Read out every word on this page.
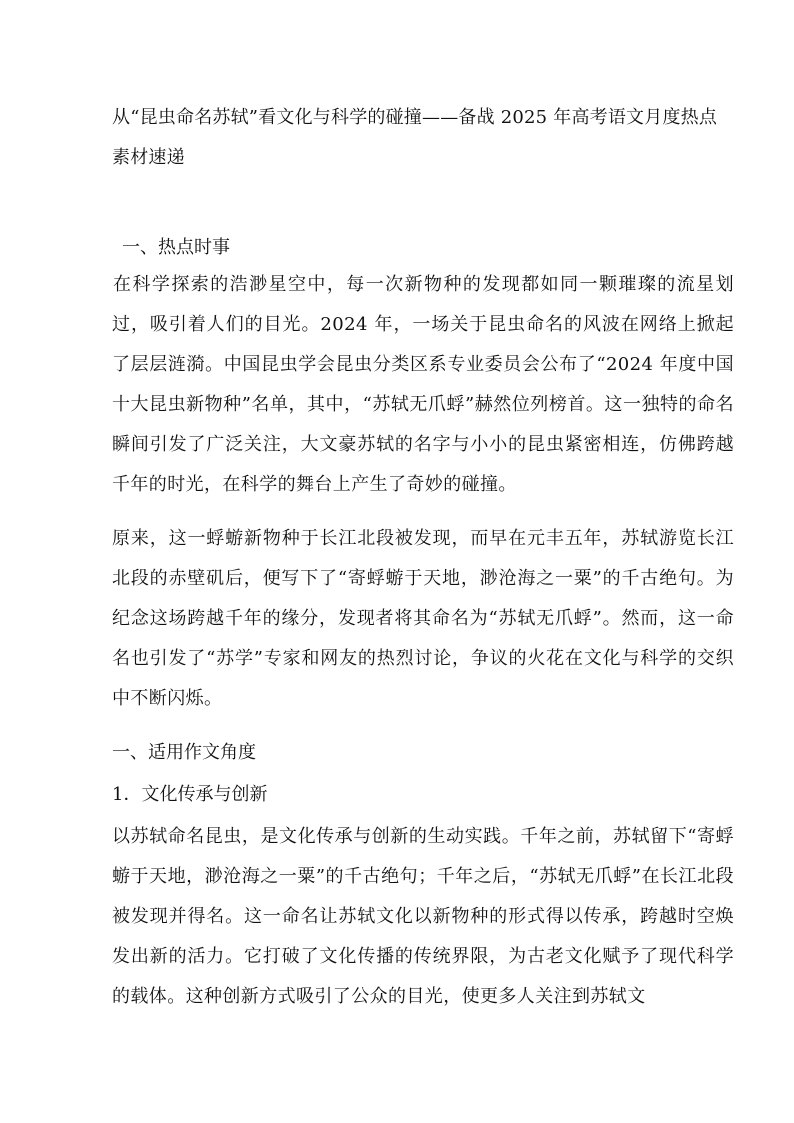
从“昆虫命名苏轼”看文化与科学的碰撞——备战 2025 年高考语文月度热点素材速递
一、热点时事

在科学探索的浩渺星空中，每一次新物种的发现都如同一颗璀璨的流星划过，吸引着人们的目光。2024 年，一场关于昆虫命名的风波在网络上掀起了层层涟漪。中国昆虫学会昆虫分类区系专业委员会公布了“2024 年度中国十大昆虫新物种”名单，其中，“苏轼无爪蜉”赫然位列榜首。这一独特的命名瞬间引发了广泛关注，大文豪苏轼的名字与小小的昆虫紧密相连，仿佛跨越千年的时光，在科学的舞台上产生了奇妙的碰撞。

原来，这一蜉蝣新物种于长江北段被发现，而早在元丰五年，苏轼游览长江北段的赤壁矶后，便写下了“寄蜉蝣于天地，渺沧海之一粟”的千古绝句。为纪念这场跨越千年的缘分，发现者将其命名为“苏轼无爪蜉”。然而，这一命名也引发了“苏学”专家和网友的热烈讨论，争议的火花在文化与科学的交织中不断闪烁。

一、适用作文角度
1．文化传承与创新

以苏轼命名昆虫，是文化传承与创新的生动实践。千年之前，苏轼留下“寄蜉蝣于天地，渺沧海之一粟”的千古绝句；千年之后，“苏轼无爪蜉”在长江北段被发现并得名。这一命名让苏轼文化以新物种的形式得以传承，跨越时空焕发出新的活力。它打破了文化传播的传统界限，为古老文化赋予了现代科学的载体。这种创新方式吸引了公众的目光，使更多人关注到苏轼文
